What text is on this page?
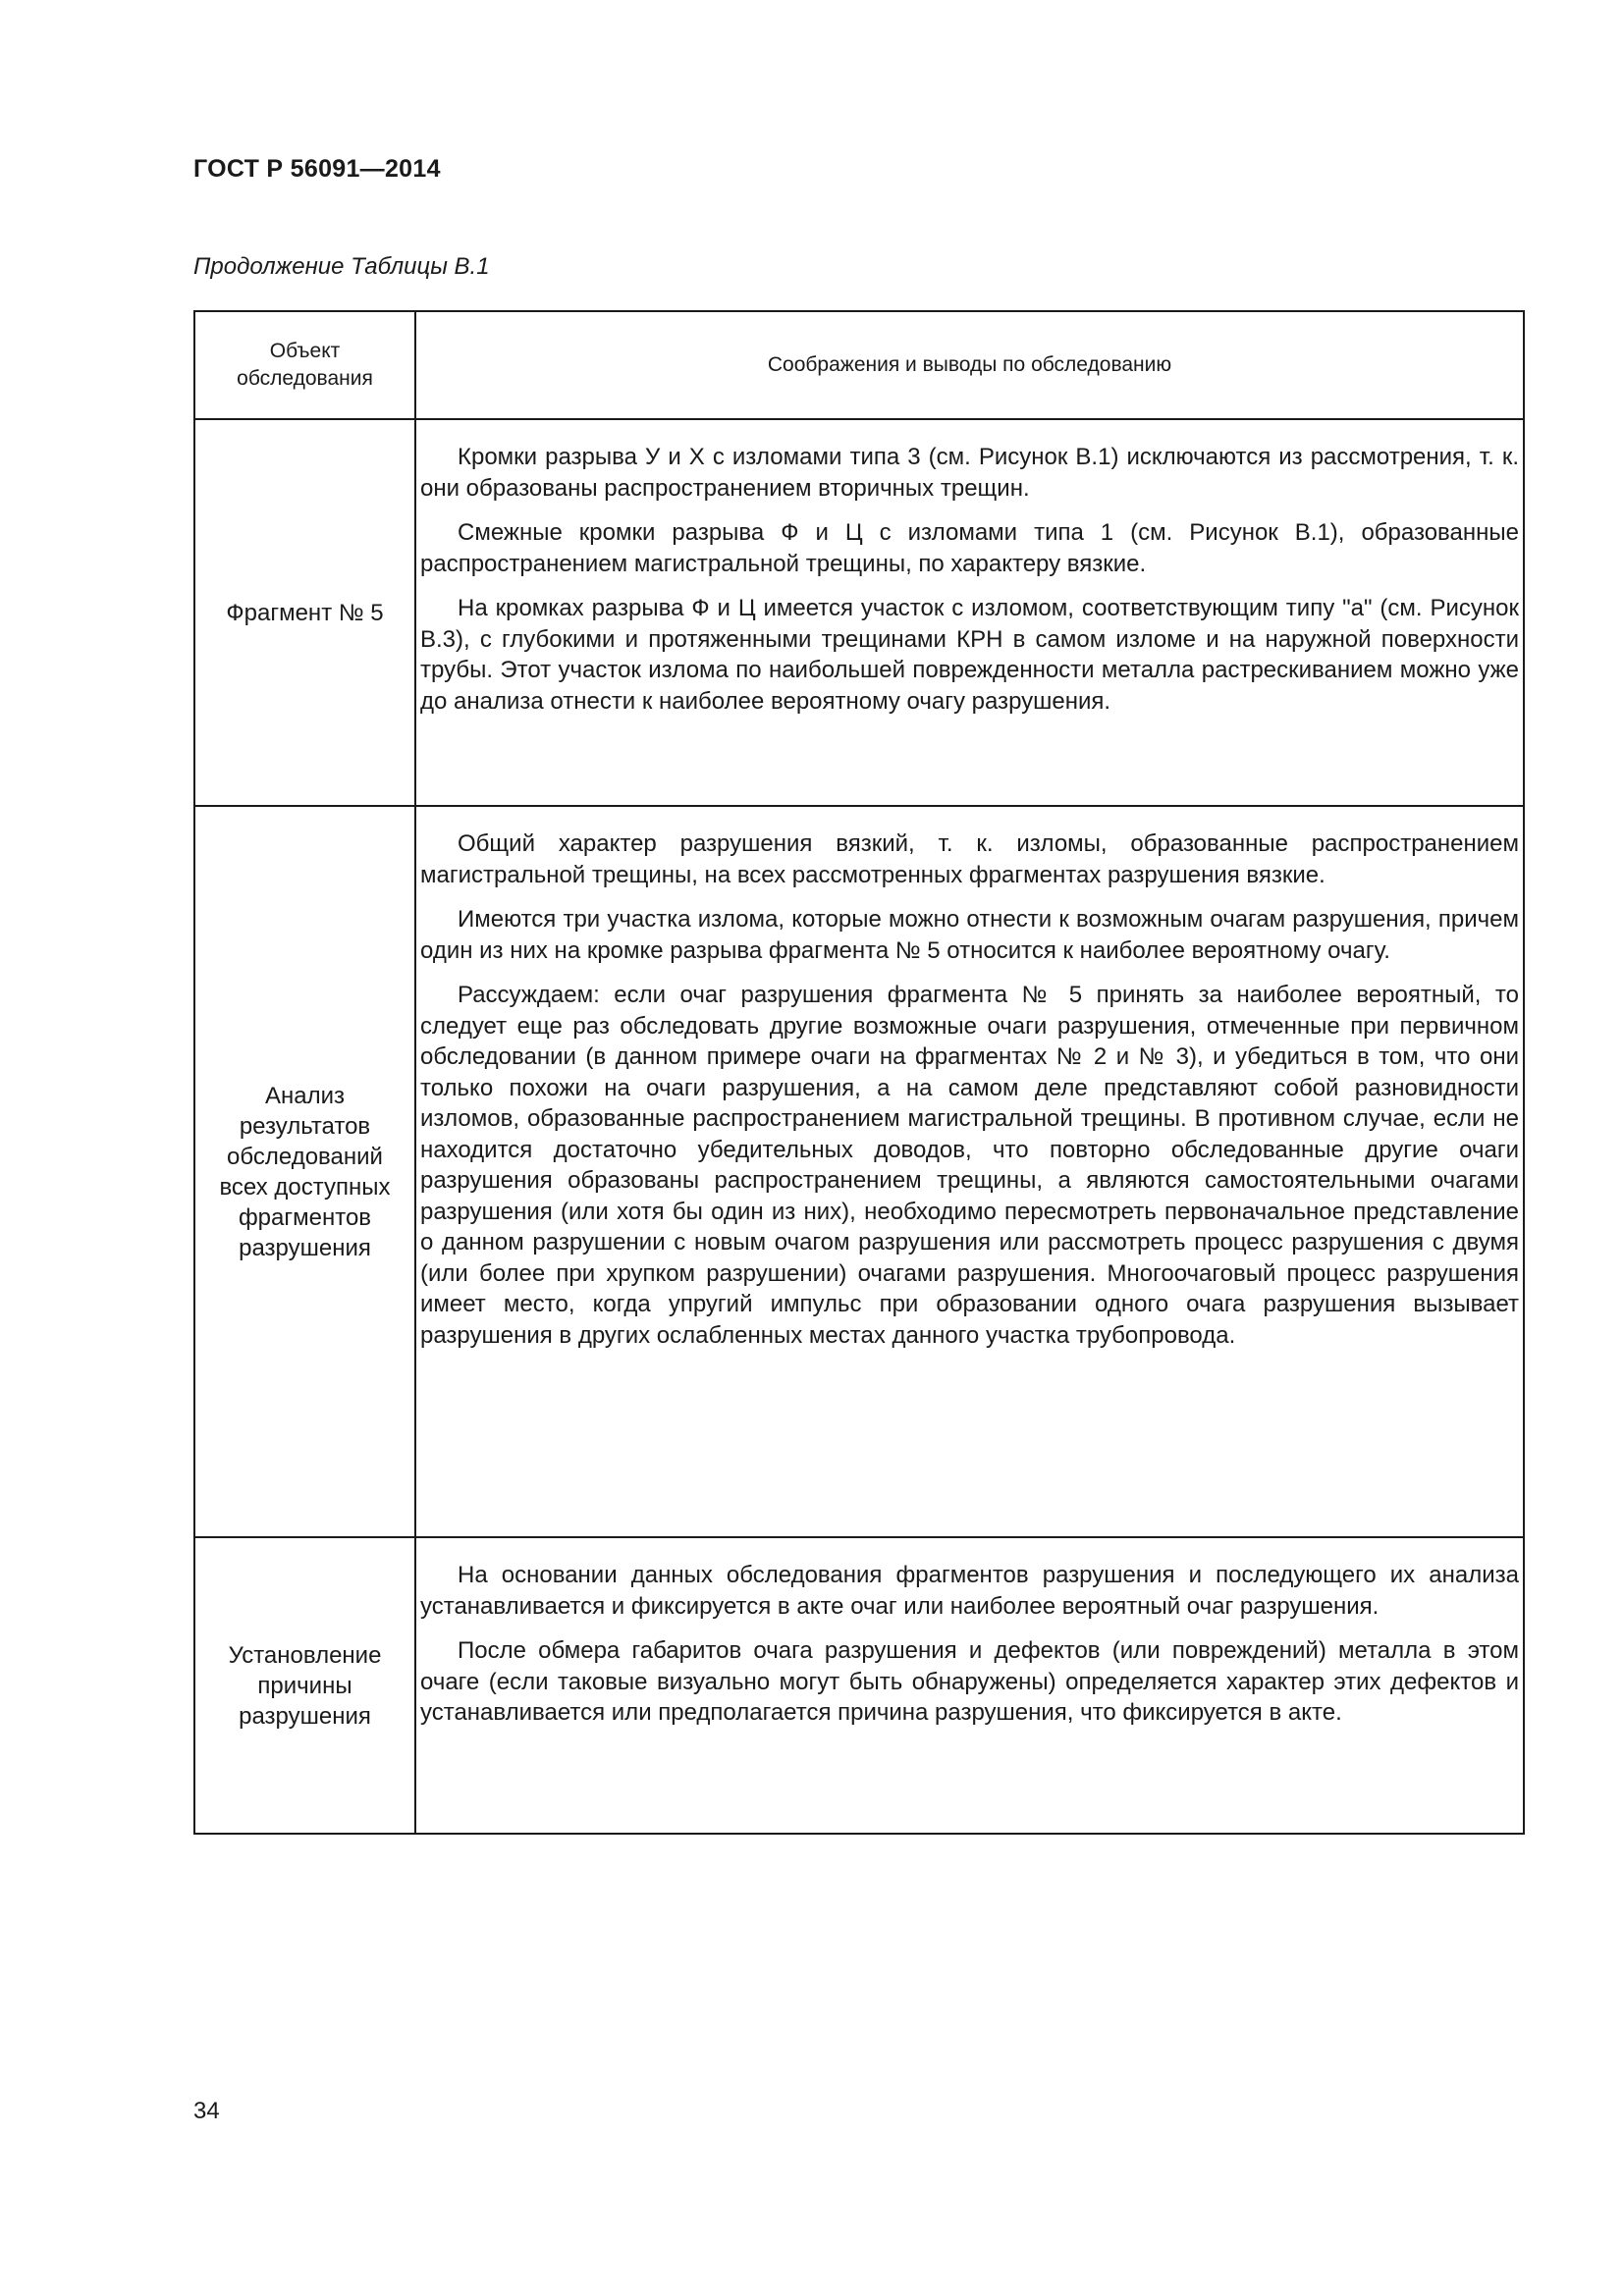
ГОСТ Р 56091—2014
Продолжение Таблицы В.1
Объект обследования	Соображения и выводы по обследованию
Фрагмент № 5	Кромки разрыва У и Х с изломами типа 3 (см. Рисунок В.1) исключаются из рассмотрения, т. к. они образованы распространением вторичных трещин.

Смежные кромки разрыва Ф и Ц с изломами типа 1 (см. Рисунок В.1), образованные распространением магистральной трещины, по характеру вязкие.

На кромках разрыва Ф и Ц имеется участок с изломом, соответствующим типу "а" (см. Рисунок В.3), с глубокими и протяженными трещинами КРН в самом изломе и на наружной поверхности трубы. Этот участок излома по наибольшей поврежденности металла растрескиванием можно уже до анализа отнести к наиболее вероятному очагу разрушения.

Анализ результатов обследований всех доступных фрагментов разрушения	Общий характер разрушения вязкий, т. к. изломы, образованные распространением магистральной трещины, на всех рассмотренных фрагментах разрушения вязкие.

Имеются три участка излома, которые можно отнести к возможным очагам разрушения, причем один из них на кромке разрыва фрагмента № 5 относится к наиболее вероятному очагу.

Рассуждаем: если очаг разрушения фрагмента № 5 принять за наиболее вероятный, то следует еще раз обследовать другие возможные очаги разрушения, отмеченные при первичном обследовании (в данном примере очаги на фрагментах № 2 и № 3), и убедиться в том, что они только похожи на очаги разрушения, а на самом деле представляют собой разновидности изломов, образованные распространением магистральной трещины. В противном случае, если не находится достаточно убедительных доводов, что повторно обследованные другие очаги разрушения образованы распространением трещины, а являются самостоятельными очагами разрушения (или хотя бы один из них), необходимо пересмотреть первоначальное представление о данном разрушении с новым очагом разрушения или рассмотреть процесс разрушения с двумя (или более при хрупком разрушении) очагами разрушения. Многоочаговый процесс разрушения имеет место, когда упругий импульс при образовании одного очага разрушения вызывает разрушения в других ослабленных местах данного участка трубопровода.

Установление причины разрушения	На основании данных обследования фрагментов разрушения и последующего их анализа устанавливается и фиксируется в акте очаг или наиболее вероятный очаг разрушения.

После обмера габаритов очага разрушения и дефектов (или повреждений) металла в этом очаге (если таковые визуально могут быть обнаружены) определяется характер этих дефектов и устанавливается или предполагается причина разрушения, что фиксируется в акте.

34
